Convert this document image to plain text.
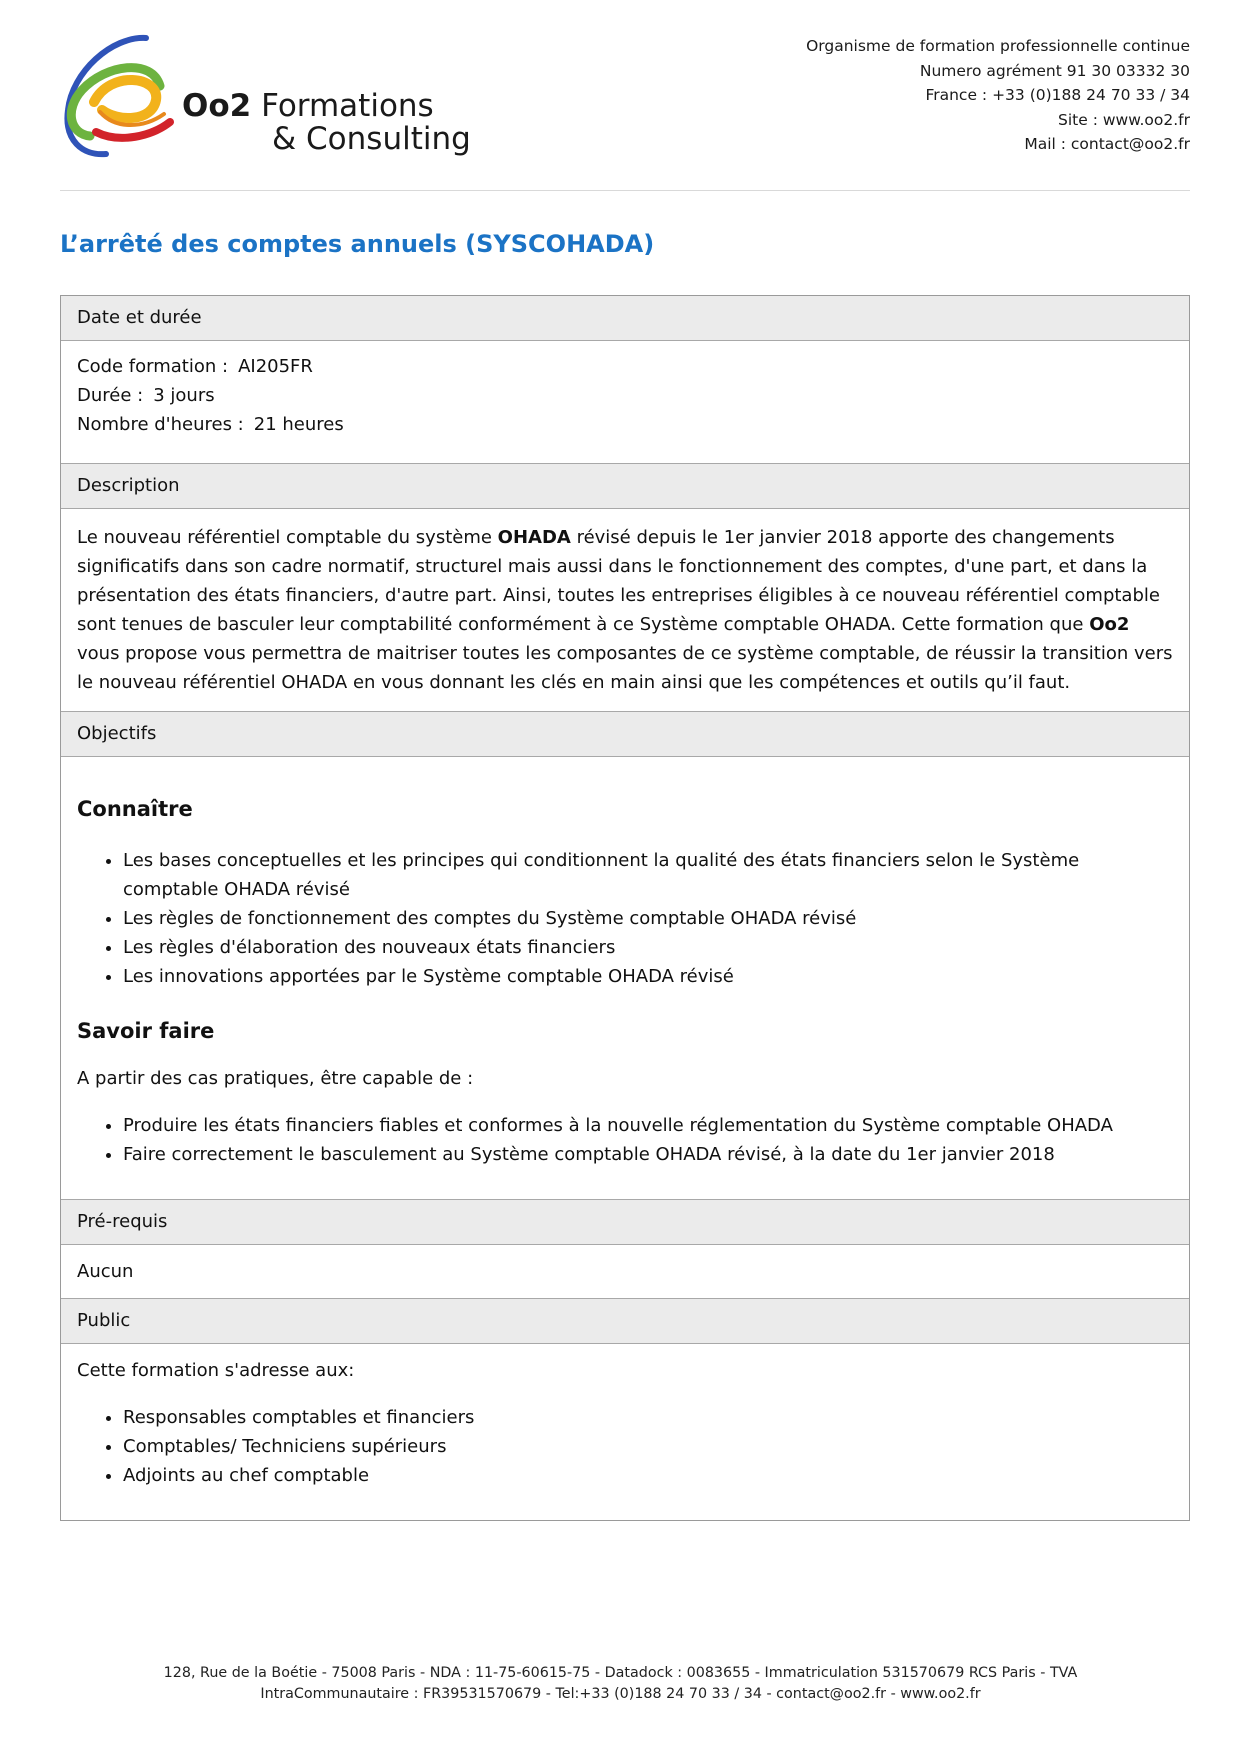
Oo2 Formations
& Consulting
Organisme de formation professionnelle continue
Numero agrément 91 30 03332 30
France : +33 (0)188 24 70 33 / 34
Site : www.oo2.fr
Mail : contact@oo2.fr
L’arrêté des comptes annuels (SYSCOHADA)
Date et durée
Code formation : AI205FR
Durée : 3 jours
Nombre d'heures : 21 heures
Description

Le nouveau référentiel comptable du système OHADA révisé depuis le 1er janvier 2018 apporte des changements significatifs dans son cadre normatif, structurel mais aussi dans le fonctionnement des comptes, d'une part, et dans la présentation des états financiers, d'autre part. Ainsi, toutes les entreprises éligibles à ce nouveau référentiel comptable sont tenues de basculer leur comptabilité conformément à ce Système comptable OHADA. Cette formation que Oo2 vous propose vous permettra de maitriser toutes les composantes de ce système comptable, de réussir la transition vers le nouveau référentiel OHADA en vous donnant les clés en main ainsi que les compétences et outils qu’il faut.

Objectifs
Connaître
• Les bases conceptuelles et les principes qui conditionnent la qualité des états financiers selon le Système comptable OHADA révisé
• Les règles de fonctionnement des comptes du Système comptable OHADA révisé
• Les règles d'élaboration des nouveaux états financiers
• Les innovations apportées par le Système comptable OHADA révisé
Savoir faire

A partir des cas pratiques, être capable de :

• Produire les états financiers fiables et conformes à la nouvelle réglementation du Système comptable OHADA
• Faire correctement le basculement au Système comptable OHADA révisé, à la date du 1er janvier 2018
Pré-requis

Aucun

Public

Cette formation s'adresse aux:

• Responsables comptables et financiers
• Comptables/ Techniciens supérieurs
• Adjoints au chef comptable
128, Rue de la Boétie - 75008 Paris - NDA : 11-75-60615-75 - Datadock : 0083655 - Immatriculation 531570679 RCS Paris - TVA
IntraCommunautaire : FR39531570679 - Tel:+33 (0)188 24 70 33 / 34 - contact@oo2.fr - www.oo2.fr
